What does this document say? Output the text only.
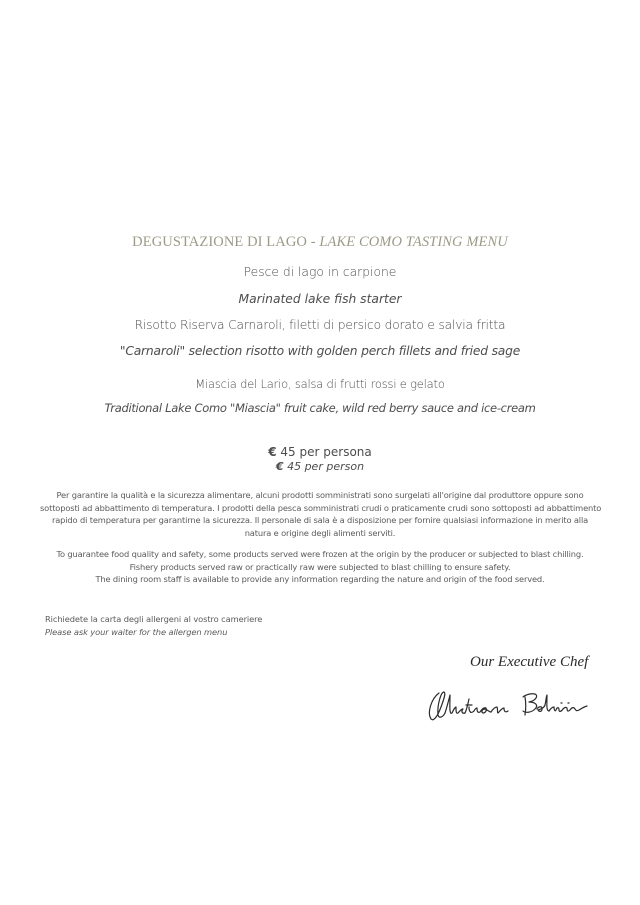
DEGUSTAZIONE DI LAGO - LAKE COMO TASTING MENU
Pesce di lago in carpione
Marinated lake fish starter
Risotto Riserva Carnaroli, filetti di persico dorato e salvia fritta
"Carnaroli" selection risotto with golden perch fillets and fried sage
Miascia del Lario, salsa di frutti rossi e gelato
Traditional Lake Como "Miascia" fruit cake, wild red berry sauce and ice-cream
€ 45 per persona
€ 45 per person
Per garantire la qualità e la sicurezza alimentare, alcuni prodotti somministrati sono surgelati all'origine dal produttore oppure sono
sottoposti ad abbattimento di temperatura. I prodotti della pesca somministrati crudi o praticamente crudi sono sottoposti ad abbattimento
rapido di temperatura per garantirne la sicurezza. Il personale di sala è a disposizione per fornire qualsiasi informazione in merito alla
natura e origine degli alimenti serviti.
To guarantee food quality and safety, some products served were frozen at the origin by the producer or subjected to blast chilling.
Fishery products served raw or practically raw were subjected to blast chilling to ensure safety.
The dining room staff is available to provide any information regarding the nature and origin of the food served.
Richiedete la carta degli allergeni al vostro cameriere
Please ask your waiter for the allergen menu
Our Executive Chef
